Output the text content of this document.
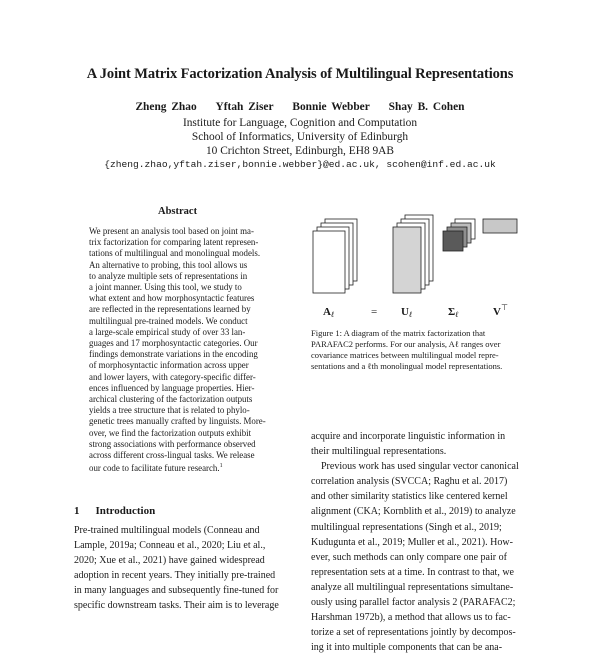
A Joint Matrix Factorization Analysis of Multilingual Representations
Zheng Zhao Yftah Ziser Bonnie Webber Shay B. Cohen
Institute for Language, Cognition and Computation
School of Informatics, University of Edinburgh
10 Crichton Street, Edinburgh, EH8 9AB
{zheng.zhao,yftah.ziser,bonnie.webber}@ed.ac.uk, scohen@inf.ed.ac.uk
Abstract
We present an analysis tool based on joint ma-
trix factorization for comparing latent represen-
tations of multilingual and monolingual models.
An alternative to probing, this tool allows us
to analyze multiple sets of representations in
a joint manner. Using this tool, we study to
what extent and how morphosyntactic features
are reflected in the representations learned by
multilingual pre-trained models. We conduct
a large-scale empirical study of over 33 lan-
guages and 17 morphosyntactic categories. Our
findings demonstrate variations in the encoding
of morphosyntactic information across upper
and lower layers, with category-specific differ-
ences influenced by language properties. Hier-
archical clustering of the factorization outputs
yields a tree structure that is related to phylo-
genetic trees manually crafted by linguists. More-
over, we find the factorization outputs exhibit
strong associations with performance observed
across different cross-lingual tasks. We release
our code to facilitate future research.$^1$
1 Introduction
Pre-trained multilingual models (Conneau and
Lample, 2019a; Conneau et al., 2020; Liu et al.,
2020; Xue et al., 2021) have gained widespread
adoption in recent years. They initially pre-trained
in many languages and subsequently fine-tuned for
specific downstream tasks. Their aim is to leverage
Aℓ	= Uℓ	Σℓ	V⊤
Figure 1: A diagram of the matrix factorization that
PARAFAC2 performs. For our analysis, Aℓ ranges over
covariance matrices between multilingual model repre-
sentations and a ℓth monolingual model representations.
acquire and incorporate linguistic information in
their multilingual representations.
Previous work has used singular vector canonical
correlation analysis (SVCCA; Raghu et al. 2017)
and other similarity statistics like centered kernel
alignment (CKA; Kornblith et al., 2019) to analyze
multilingual representations (Singh et al., 2019;
Kudugunta et al., 2019; Muller et al., 2021). How-
ever, such methods can only compare one pair of
representation sets at a time. In contrast to that, we
analyze all multilingual representations simultane-
ously using parallel factor analysis 2 (PARAFAC2;
Harshman 1972b), a method that allows us to fac-
torize a set of representations jointly by decompos-
ing it into multiple components that can be ana-
